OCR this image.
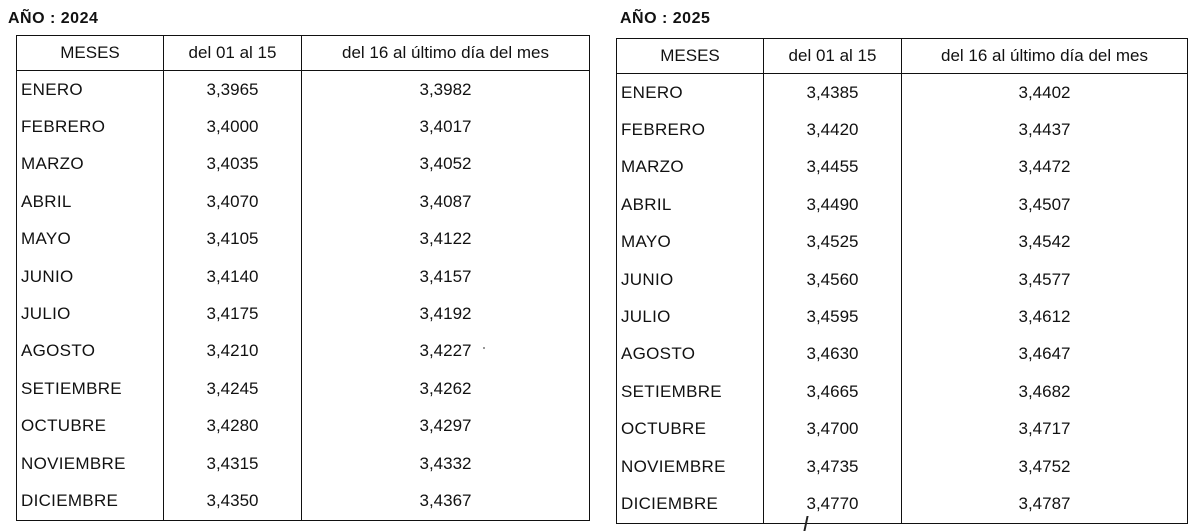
AÑO : 2024
MESES	del 01 al 15	del 16 al último día del mes
ENERO	3,3965	3,3982
FEBRERO	3,4000	3,4017
MARZO	3,4035	3,4052
ABRIL	3,4070	3,4087
MAYO	3,4105	3,4122
JUNIO	3,4140	3,4157
JULIO	3,4175	3,4192
AGOSTO	3,4210	3,4227
SETIEMBRE	3,4245	3,4262
OCTUBRE	3,4280	3,4297
NOVIEMBRE	3,4315	3,4332
DICIEMBRE	3,4350	3,4367
AÑO : 2025
MESES	del 01 al 15	del 16 al último día del mes
ENERO	3,4385	3,4402
FEBRERO	3,4420	3,4437
MARZO	3,4455	3,4472
ABRIL	3,4490	3,4507
MAYO	3,4525	3,4542
JUNIO	3,4560	3,4577
JULIO	3,4595	3,4612
AGOSTO	3,4630	3,4647
SETIEMBRE	3,4665	3,4682
OCTUBRE	3,4700	3,4717
NOVIEMBRE	3,4735	3,4752
DICIEMBRE	3,4770	3,4787
